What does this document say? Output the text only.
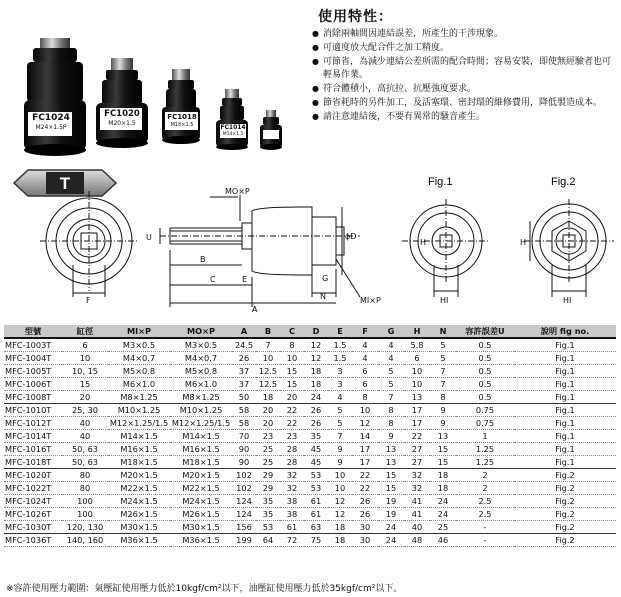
FC1024
M24×1.5P
FC1020
M20×1.5
FC1018
M18×1.5	FC1014
M14×1.5
使用特性：
● 消除兩軸間因連結誤差，所產生的干涉現象。
● 可適度放大配合件之加工精度。
● 可節省，為減少連結公差所需的配合時間；容易安裝，即使無經驗者也可輕易作業。
● 符合體積小，高抗拉、抗壓強度要求。
● 節省耗時的另件加工，及活塞環、密封環的維修費用，降低製造成本。
● 請注意連結後，不要有異常的騷音產生。
T	MO×P
U	ϕD
B
C	E
A
G
N	MI×P
F
H
HI
H
HI
Fig.1	Fig.2
型號	缸徑	MI×P	MO×P	A	B	C	D	E	F	G	H	N	容許誤差U	說明 fig no.
MFC-1003T	6	M3×0.5	M3×0.5	24.5	7	8	12	1.5	4	4	5.8	5	0.5	Fig.1
MFC-1004T	10	M4×0.7	M4×0.7	26	10	10	12	1.5	4	4	6	5	0.5	Fig.1
MFC-1005T	10, 15	M5×0.8	M5×0.8	37	12.5	15	18	3	6	5	10	7	0.5	Fig.1
MFC-1006T	15	M6×1.0	M6×1.0	37	12.5	15	18	3	6	5	10	7	0.5	Fig.1
MFC-1008T	20	M8×1.25	M8×1.25	50	18	20	24	4	8	7	13	8	0.5	Fig.1
MFC-1010T	25, 30	M10×1.25	M10×1.25	58	20	22	26	5	10	8	17	9	0.75	Fig.1
MFC-1012T	40	M12×1.25/1.5	M12×1.25/1.5	58	20	22	26	5	12	8	17	9	0.75	Fig.1
MFC-1014T	40	M14×1.5	M14×1.5	70	23	23	35	7	14	9	22	13	1	Fig.1
MFC-1016T	50, 63	M16×1.5	M16×1.5	90	25	28	45	9	17	13	27	15	1.25	Fig.1
MFC-1018T	50, 63	M18×1.5	M18×1.5	90	25	28	45	9	17	13	27	15	1.25	Fig.1
MFC-1020T	80	M20×1.5	M20×1.5	102	29	32	53	10	22	15	32	18	2	Fig.2
MFC-1022T	80	M22×1.5	M22×1.5	102	29	32	53	10	22	15	32	18	2	Fig.2
MFC-1024T	100	M24×1.5	M24×1.5	124	35	38	61	12	26	19	41	24	2.5	Fig.2
MFC-1026T	100	M26×1.5	M26×1.5	124	35	38	61	12	26	19	41	24	2.5	Fig.2
MFC-1030T	120, 130	M30×1.5	M30×1.5	156	53	61	63	18	30	24	40	25	-	Fig.2
MFC-1036T	140, 160	M36×1.5	M36×1.5	199	64	72	75	18	30	24	48	46	-	Fig.2
※容許使用壓力範圍：氣壓缸使用壓力低於10kgf/cm²以下，油壓缸使用壓力低於35kgf/cm²以下。
